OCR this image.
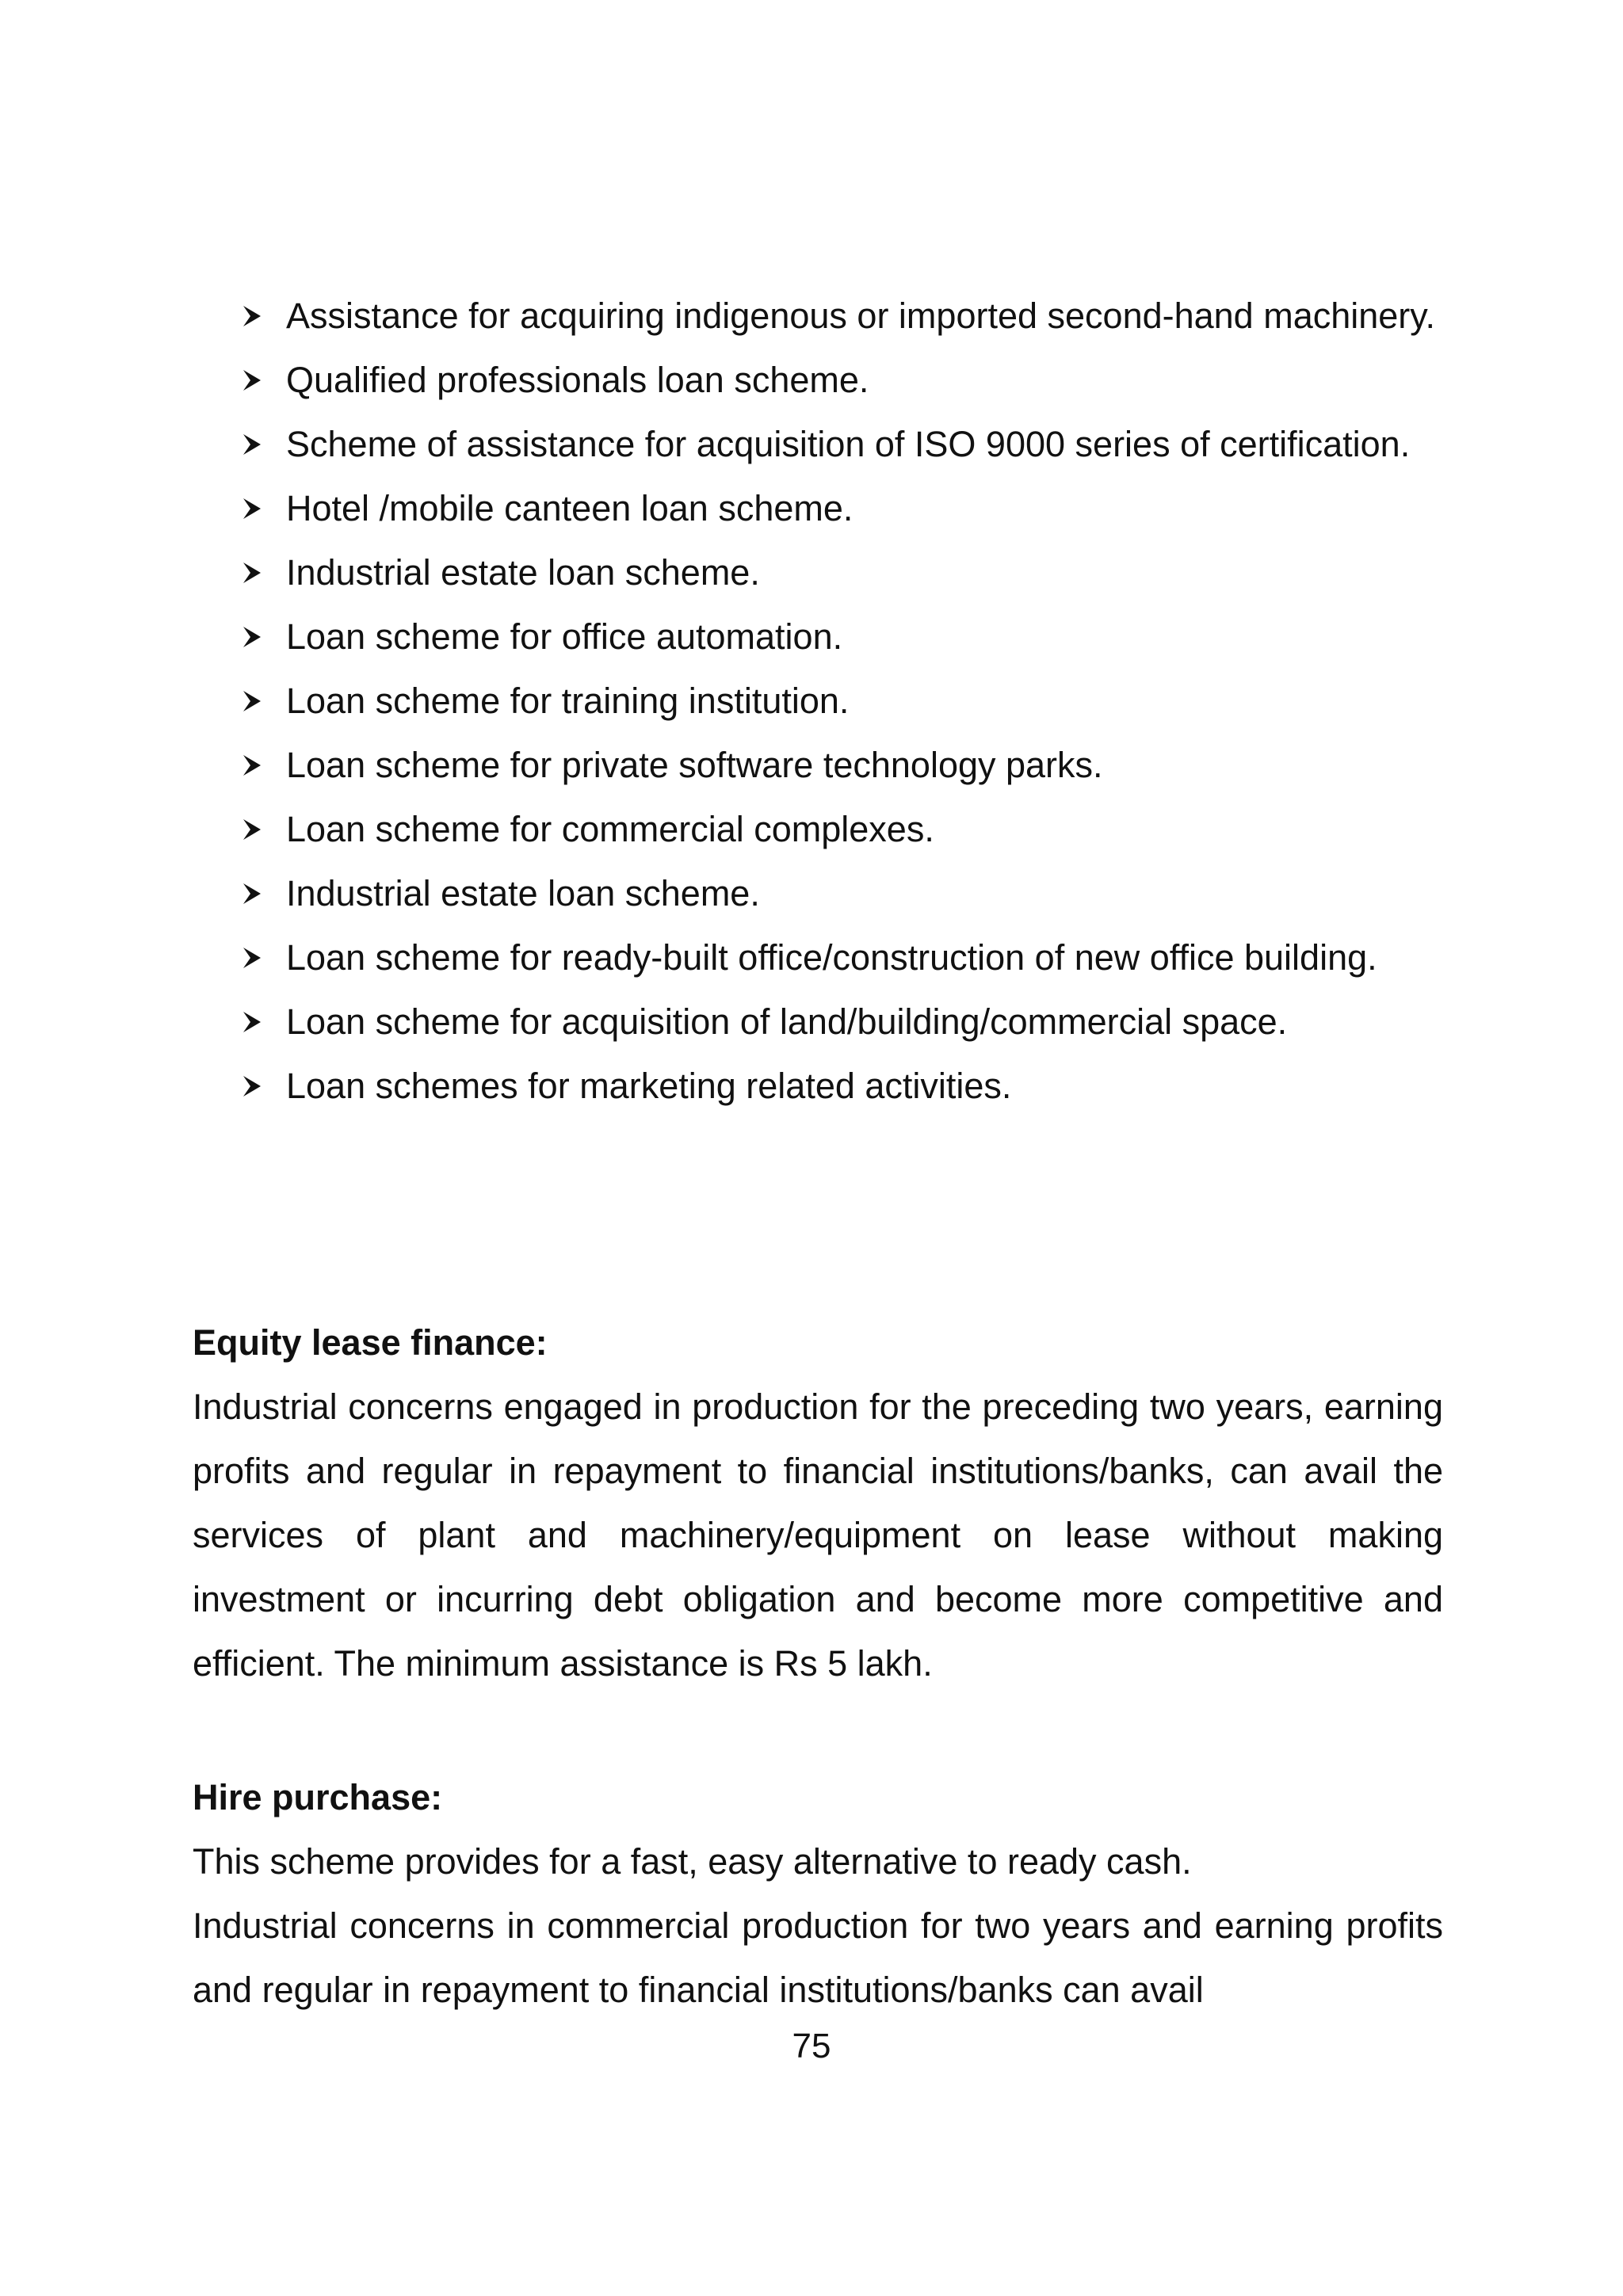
Assistance for acquiring indigenous or imported second-hand machinery.
Qualified professionals loan scheme.
Scheme of assistance for acquisition of ISO 9000 series of certification.
Hotel /mobile canteen loan scheme.
Industrial estate loan scheme.
Loan scheme for office automation.
Loan scheme for training institution.
Loan scheme for private software technology parks.
Loan scheme for commercial complexes.
Industrial estate loan scheme.
Loan scheme for ready-built office/construction of new office building.
Loan scheme for acquisition of land/building/commercial space.
Loan schemes for marketing related activities.
Equity lease finance:

Industrial concerns engaged in production for the preceding two years, earning profits and regular in repayment to financial institutions/banks, can avail the services of plant and machinery/equipment on lease without making investment or incurring debt obligation and become more competitive and efficient. The minimum assistance is Rs 5 lakh.

Hire purchase:

This scheme provides for a fast, easy alternative to ready cash.

Industrial concerns in commercial production for two years and earning profits and regular in repayment to financial institutions/banks can avail

75
